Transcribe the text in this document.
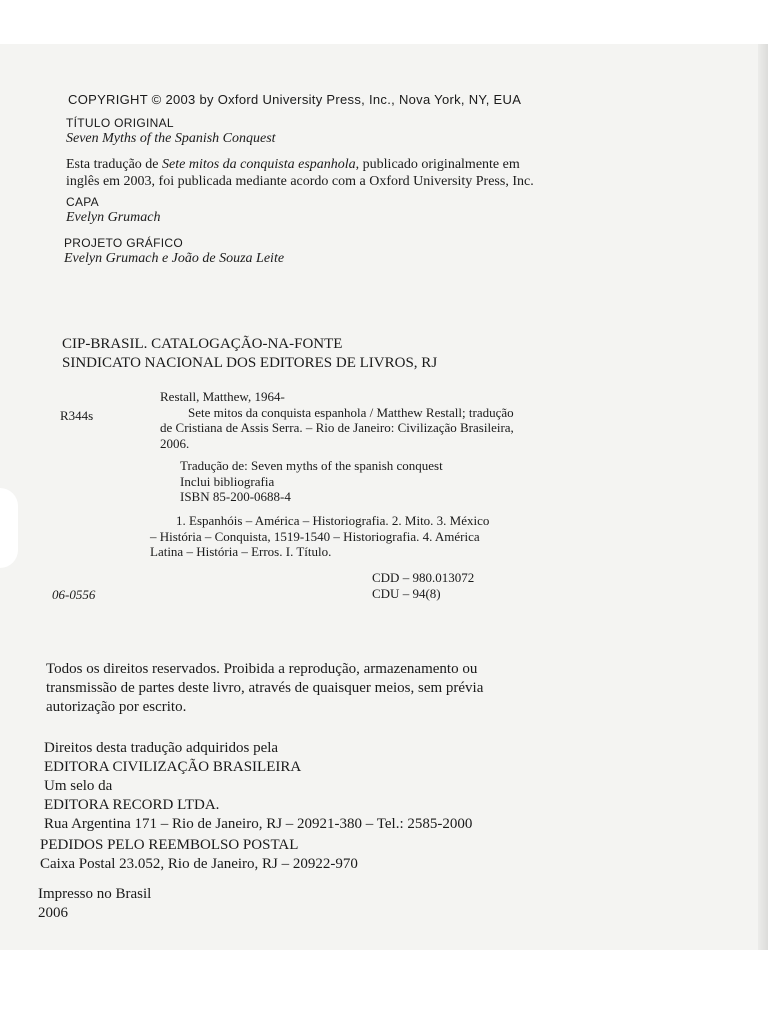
COPYRIGHT © 2003 by Oxford University Press, Inc., Nova York, NY, EUA
TÍTULO ORIGINAL
Seven Myths of the Spanish Conquest
Esta tradução de Sete mitos da conquista espanhola, publicado originalmente em
inglês em 2003, foi publicada mediante acordo com a Oxford University Press, Inc.
CAPA
Evelyn Grumach
PROJETO GRÁFICO
Evelyn Grumach e João de Souza Leite
CIP-BRASIL. CATALOGAÇÃO-NA-FONTE
SINDICATO NACIONAL DOS EDITORES DE LIVROS, RJ
R344s
Restall, Matthew, 1964-
Sete mitos da conquista espanhola / Matthew Restall; tradução
de Cristiana de Assis Serra. – Rio de Janeiro: Civilização Brasileira,
2006.
Tradução de: Seven myths of the spanish conquest
Inclui bibliografia
ISBN 85-200-0688-4
1. Espanhóis – América – Historiografia. 2. Mito. 3. México
– História – Conquista, 1519-1540 – Historiografia. 4. América
Latina – História – Erros. I. Título.
CDD – 980.013072
CDU – 94(8)
06-0556
Todos os direitos reservados. Proibida a reprodução, armazenamento ou
transmissão de partes deste livro, através de quaisquer meios, sem prévia
autorização por escrito.
Direitos desta tradução adquiridos pela
EDITORA CIVILIZAÇÃO BRASILEIRA
Um selo da
EDITORA RECORD LTDA.
Rua Argentina 171 – Rio de Janeiro, RJ – 20921-380 – Tel.: 2585-2000
PEDIDOS PELO REEMBOLSO POSTAL
Caixa Postal 23.052, Rio de Janeiro, RJ – 20922-970
Impresso no Brasil
2006
